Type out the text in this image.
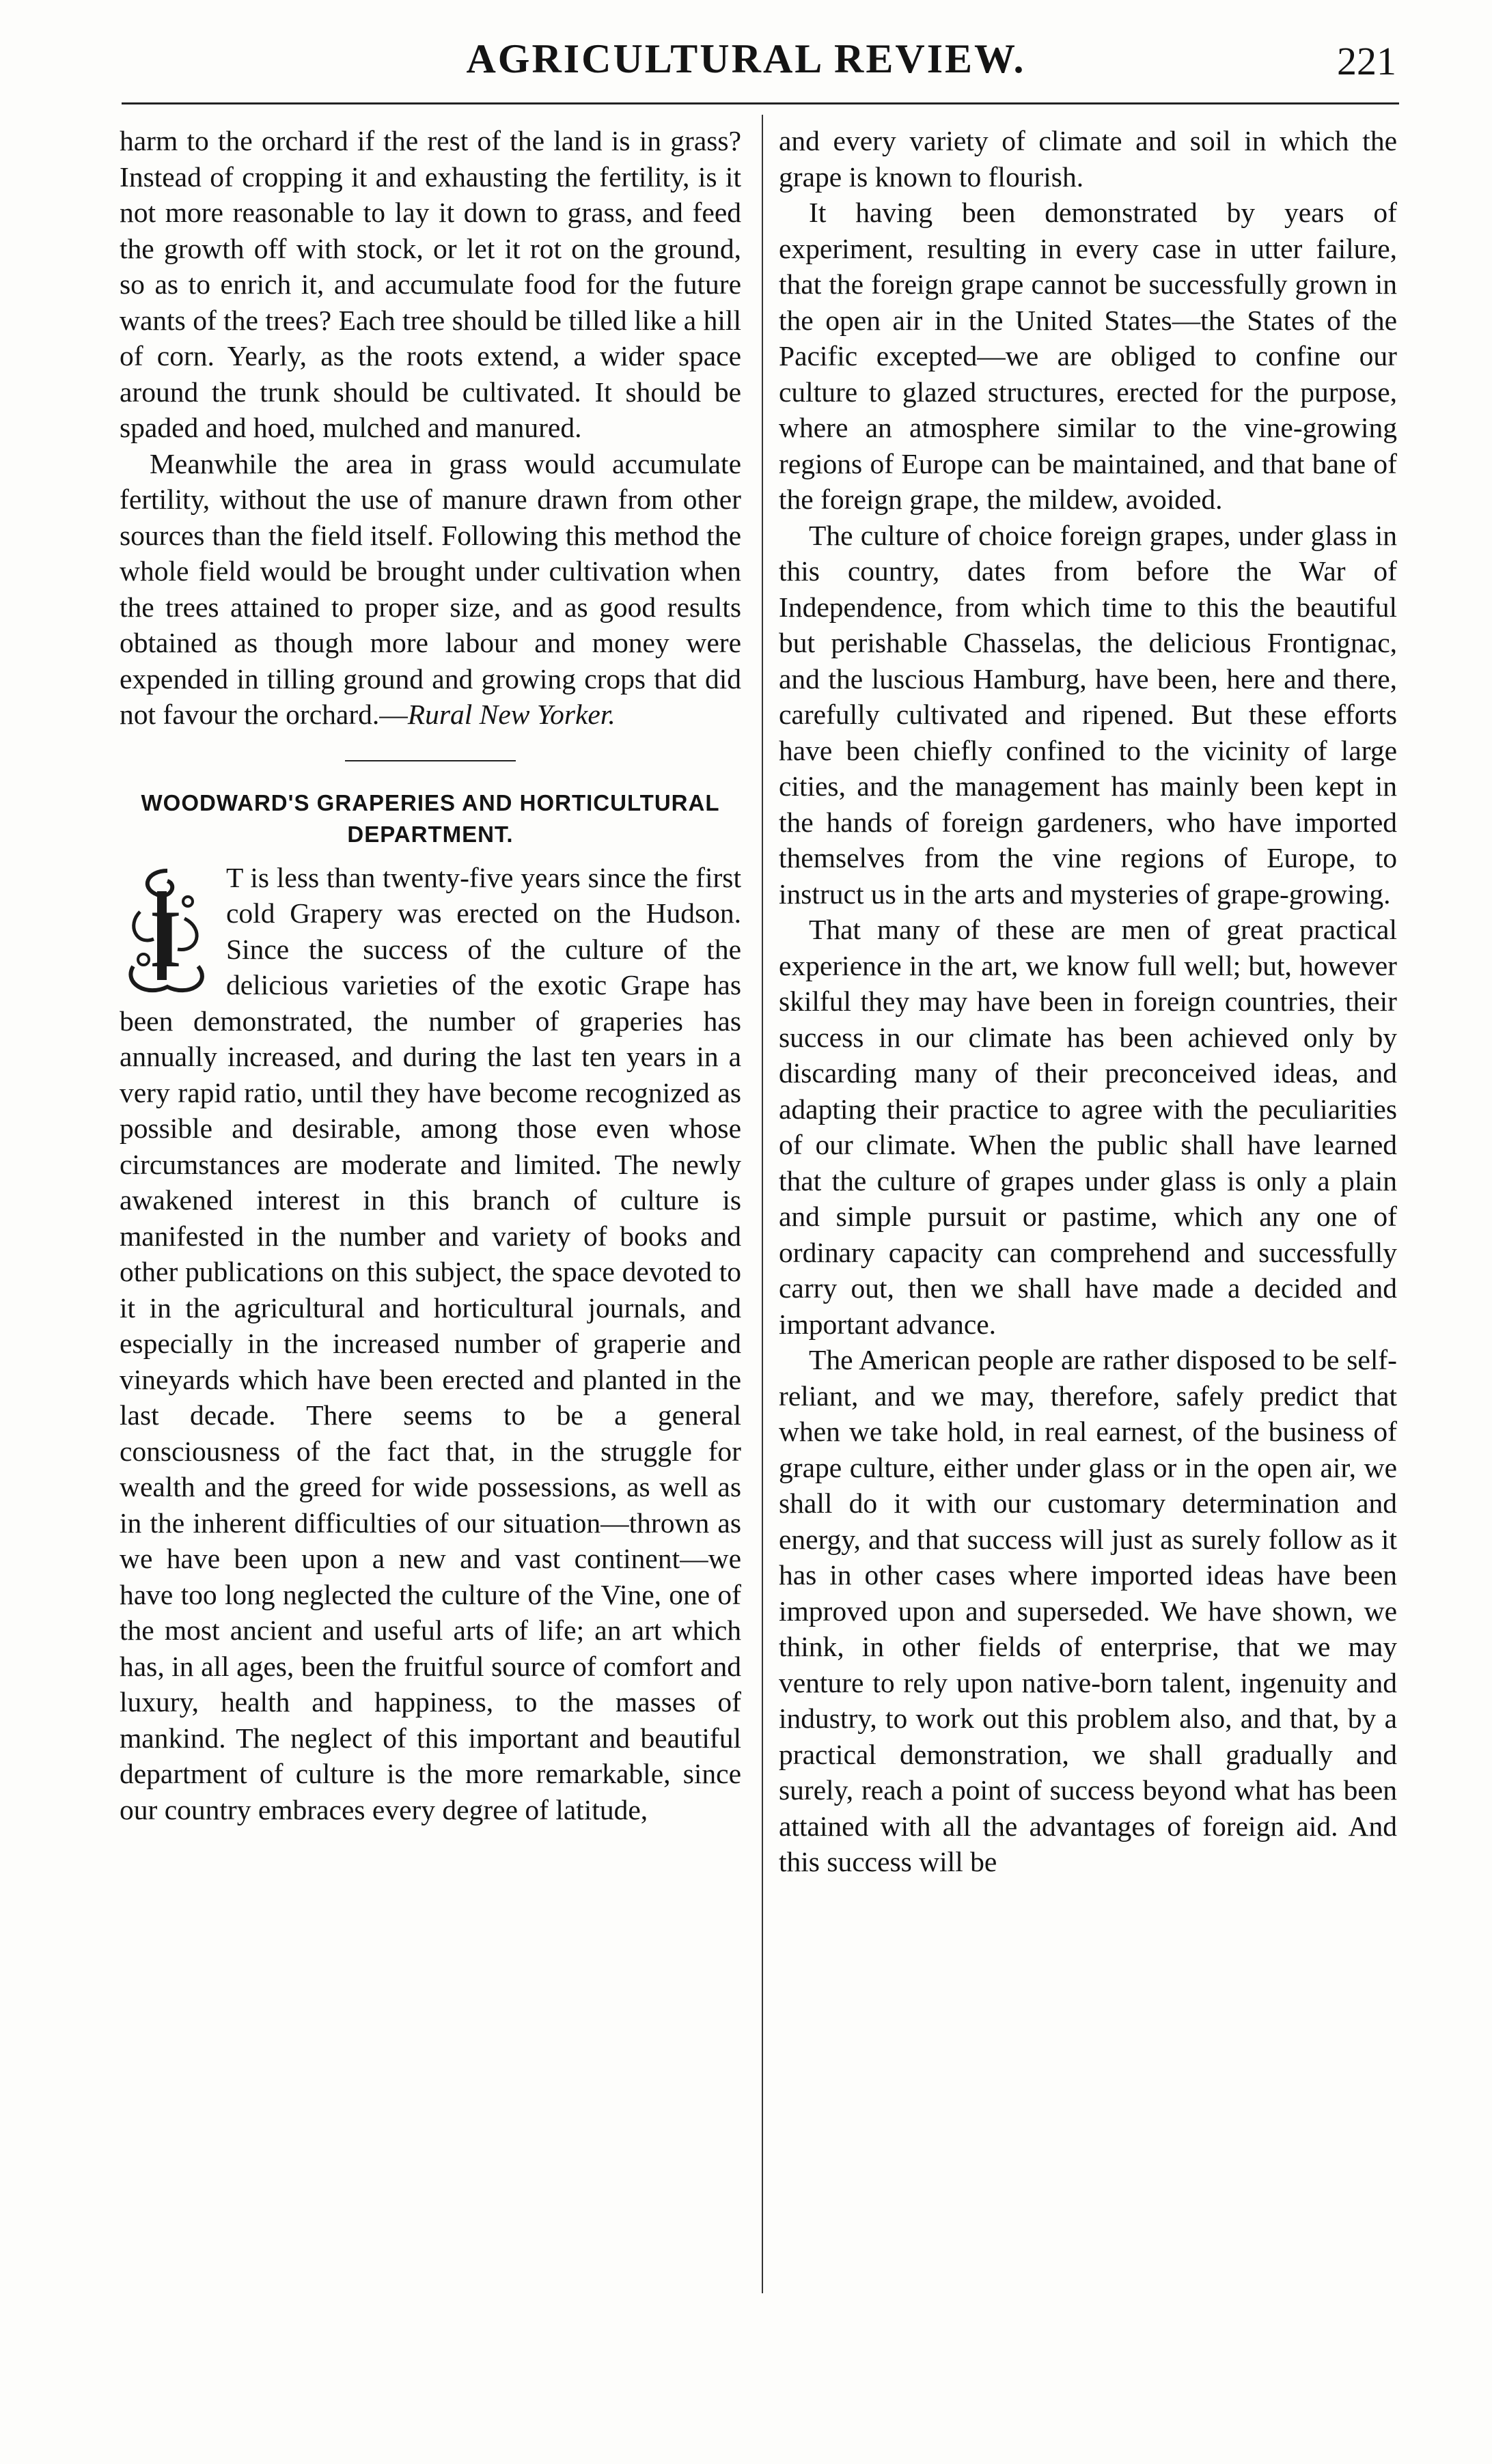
AGRICULTURAL REVIEW.	221

harm to the orchard if the rest of the land is in grass? Instead of cropping it and exhausting the fertility, is it not more reasonable to lay it down to grass, and feed the growth off with stock, or let it rot on the ground, so as to enrich it, and accumulate food for the future wants of the trees? Each tree should be tilled like a hill of corn. Yearly, as the roots extend, a wider space around the trunk should be cultivated. It should be spaded and hoed, mulched and manured.

Meanwhile the area in grass would accumulate fertility, without the use of manure drawn from other sources than the field itself. Following this method the whole field would be brought under cultivation when the trees attained to proper size, and as good results obtained as though more labour and money were expended in tilling ground and growing crops that did not favour the orchard.—Rural New Yorker.

WOODWARD'S GRAPERIES AND HORTICULTURAL DEPARTMENT.

I
T is less than twenty-five years since the first cold Grapery was erected on the Hudson. Since the success of the culture of the delicious varieties of the exotic Grape has been demonstrated, the number of graperies has annually increased, and during the last ten years in a very rapid ratio, until they have become recognized as possible and desirable, among those even whose circumstances are moderate and limited. The newly awakened interest in this branch of culture is manifested in the number and variety of books and other publications on this subject, the space devoted to it in the agricultural and horticultural journals, and especially in the increased number of graperie and vineyards which have been erected and planted in the last decade. There seems to be a general consciousness of the fact that, in the struggle for wealth and the greed for wide possessions, as well as in the inherent difficulties of our situation—thrown as we have been upon a new and vast continent—we have too long neglected the culture of the Vine, one of the most ancient and useful arts of life; an art which has, in all ages, been the fruitful source of comfort and luxury, health and happiness, to the masses of mankind. The neglect of this important and beautiful department of culture is the more remarkable, since our country embraces every degree of latitude,

and every variety of climate and soil in which the grape is known to flourish.

It having been demonstrated by years of experiment, resulting in every case in utter failure, that the foreign grape cannot be successfully grown in the open air in the United States—the States of the Pacific excepted—we are obliged to confine our culture to glazed structures, erected for the purpose, where an atmosphere similar to the vine-growing regions of Europe can be maintained, and that bane of the foreign grape, the mildew, avoided.

The culture of choice foreign grapes, under glass in this country, dates from before the War of Independence, from which time to this the beautiful but perishable Chasselas, the delicious Frontignac, and the luscious Hamburg, have been, here and there, carefully cultivated and ripened. But these efforts have been chiefly confined to the vicinity of large cities, and the management has mainly been kept in the hands of foreign gardeners, who have imported themselves from the vine regions of Europe, to instruct us in the arts and mysteries of grape-growing.

That many of these are men of great practical experience in the art, we know full well; but, however skilful they may have been in foreign countries, their success in our climate has been achieved only by discarding many of their preconceived ideas, and adapting their practice to agree with the peculiarities of our climate. When the public shall have learned that the culture of grapes under glass is only a plain and simple pursuit or pastime, which any one of ordinary capacity can comprehend and successfully carry out, then we shall have made a decided and important advance.

The American people are rather disposed to be self-reliant, and we may, therefore, safely predict that when we take hold, in real earnest, of the business of grape culture, either under glass or in the open air, we shall do it with our customary determination and energy, and that success will just as surely follow as it has in other cases where imported ideas have been improved upon and superseded. We have shown, we think, in other fields of enterprise, that we may venture to rely upon native-born talent, ingenuity and industry, to work out this problem also, and that, by a practical demonstration, we shall gradually and surely, reach a point of success beyond what has been attained with all the advantages of foreign aid. And this success will be
